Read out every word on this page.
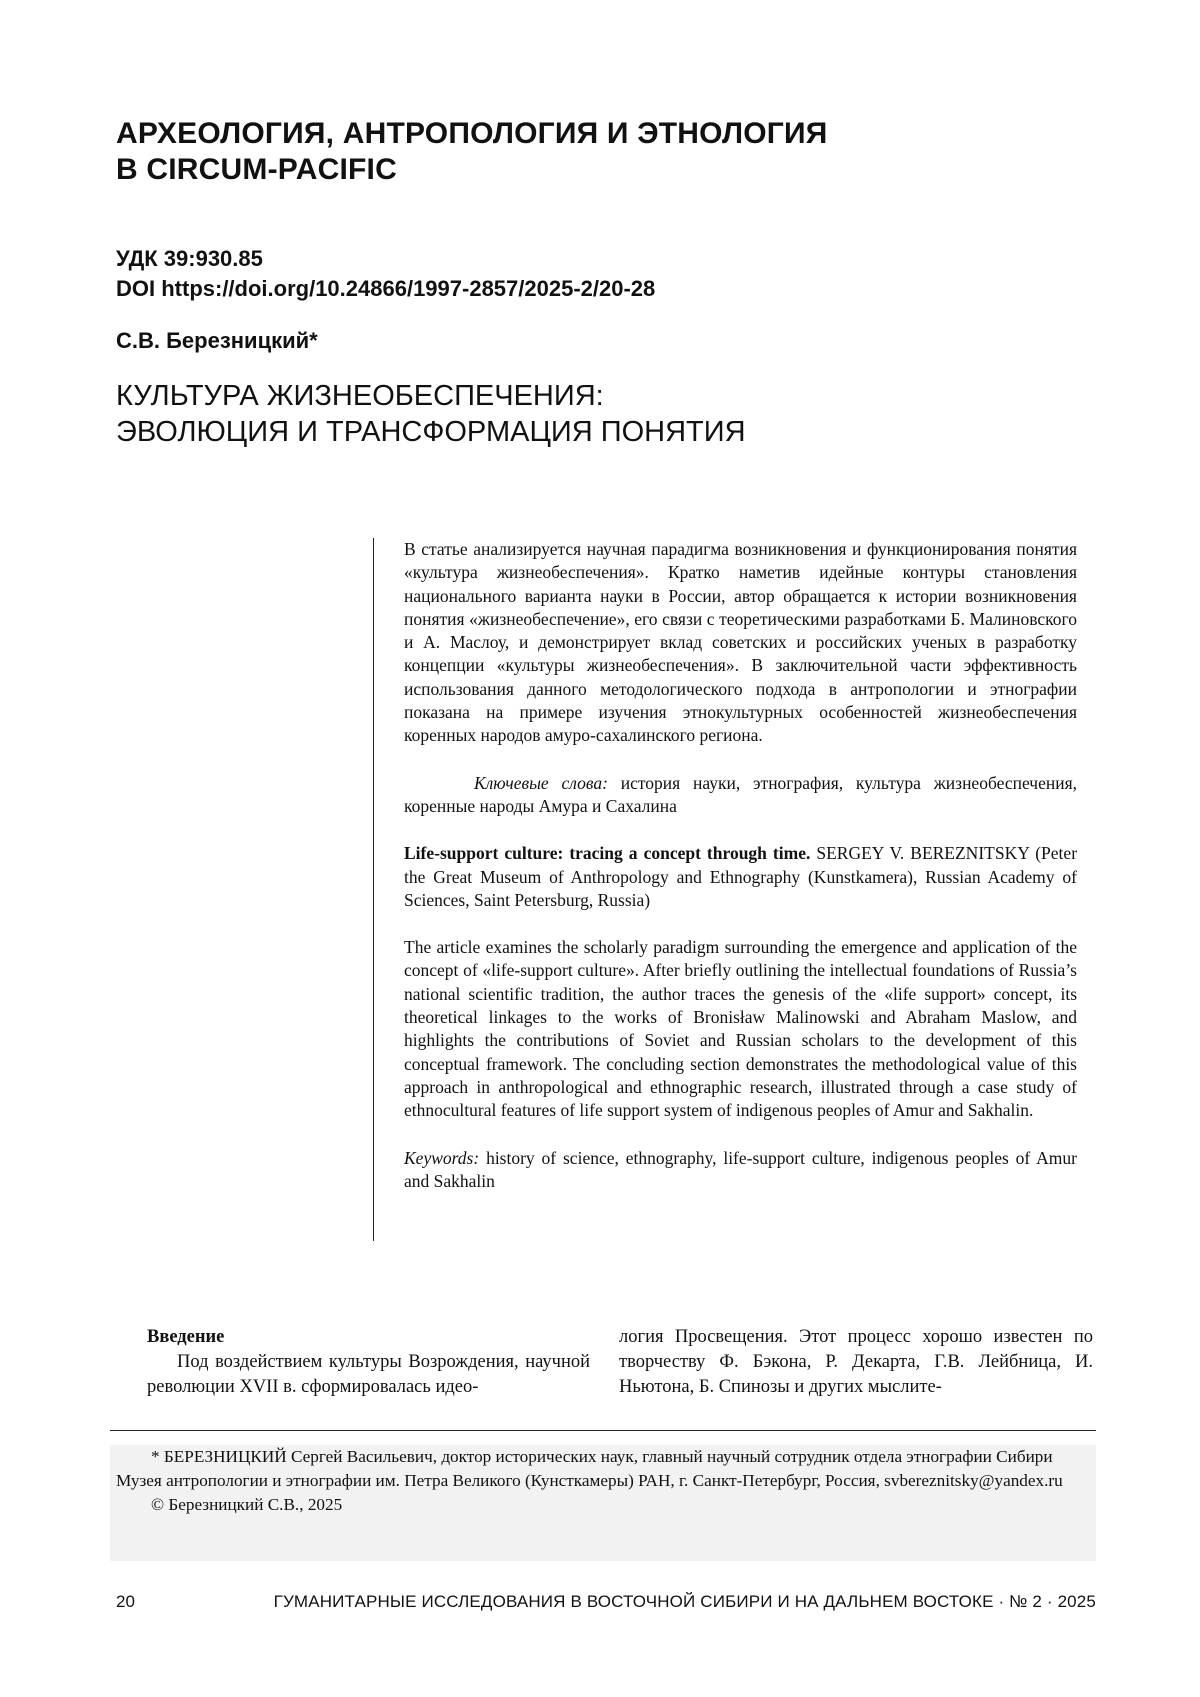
АРХЕОЛОГИЯ, АНТРОПОЛОГИЯ И ЭТНОЛОГИЯ
В CIRCUM-PACIFIC
УДК 39:930.85
DOI https://doi.org/10.24866/1997-2857/2025-2/20-28
С.В. Березницкий*
КУЛЬТУРА ЖИЗНЕОБЕСПЕЧЕНИЯ:
ЭВОЛЮЦИЯ И ТРАНСФОРМАЦИЯ ПОНЯТИЯ

В статье анализируется научная парадигма возникновения и функционирования понятия «культура жизнеобеспечения». Кратко наметив идейные контуры становления национального варианта науки в России, автор обращается к истории возникновения понятия «жизнеобеспечение», его связи с теоретическими разработками Б. Малиновского и А. Маслоу, и демонстрирует вклад советских и российских ученых в разработку концепции «культуры жизнеобеспечения». В заключительной части эффективность использования данного методологического подхода в антропологии и этнографии показана на примере изучения этнокультурных особенностей жизнеобеспечения коренных народов амуро-сахалинского региона.

Ключевые слова: история науки, этнография, культура жизнеобеспечения, коренные народы Амура и Сахалина

Life-support culture: tracing a concept through time. SERGEY V. BEREZNITSKY (Peter the Great Museum of Anthropology and Ethnography (Kunstkamera), Russian Academy of Sciences, Saint Petersburg, Russia)

The article examines the scholarly paradigm surrounding the emergence and application of the concept of «life-support culture». After briefly outlining the intellectual foundations of Russia’s national scientific tradition, the author traces the genesis of the «life support» concept, its theoretical linkages to the works of Bronisław Malinowski and Abraham Maslow, and highlights the contributions of Soviet and Russian scholars to the development of this conceptual framework. The concluding section demonstrates the methodological value of this approach in anthropological and ethnographic research, illustrated through a case study of ethnocultural features of life support system of indigenous peoples of Amur and Sakhalin.

Keywords: history of science, ethnography, life-support culture, indigenous peoples of Amur and Sakhalin

Введение

Под воздействием культуры Возрождения, научной революции XVII в. сформировалась идео-

логия Просвещения. Этот процесс хорошо известен по творчеству Ф. Бэкона, Р. Декарта, Г.В. Лейбница, И. Ньютона, Б. Спинозы и других мыслите-

* БЕРЕЗНИЦКИЙ Сергей Васильевич, доктор исторических наук, главный научный сотрудник отдела этнографии Сибири Музея антропологии и этнографии им. Петра Великого (Кунсткамеры) РАН, г. Санкт-Петербург, Россия, svbereznitsky@yandex.ru

© Березницкий С.В., 2025

20	ГУМАНИТАРНЫЕ ИССЛЕДОВАНИЯ В ВОСТОЧНОЙ СИБИРИ И НА ДАЛЬНЕМ ВОСТОКЕ · № 2 · 2025
